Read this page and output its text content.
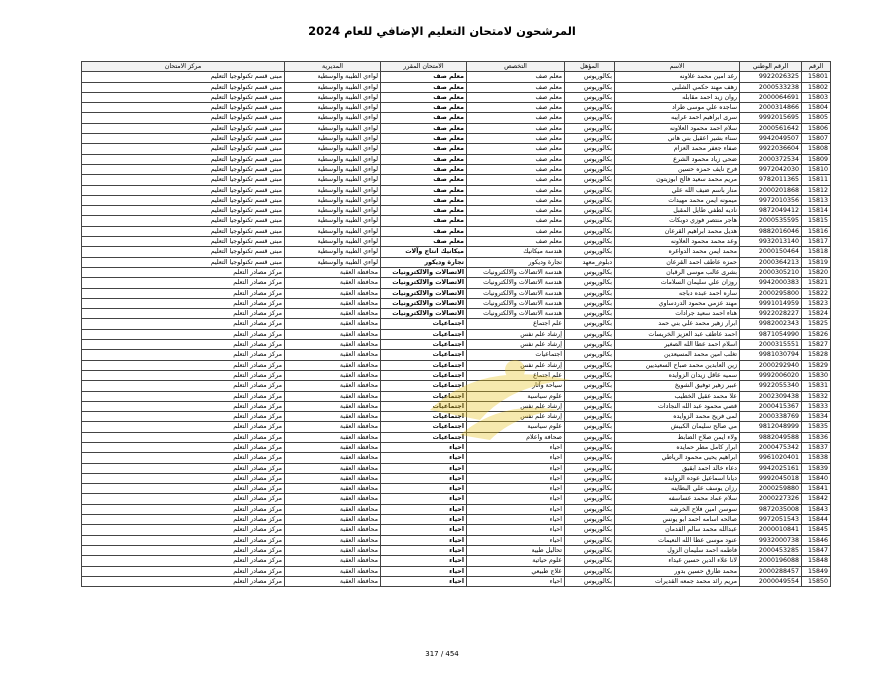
المرشحون لامتحان التعليم الإضافي للعام 2024
الرقم	الرقم الوطني	الاسم	المؤهل	التخصص	الامتحان المقرر	المديرية	مركز الامتحان
15801	9922026325	رغد امين محمد علاونه	بكالوريوس	معلم صف	معلم صف	لواءي الطيبة والوسطية	مبنى قسم تكنولوجيا التعليم
15802	2000533238	زهف مهند حكمي الشلبي	بكالوريوس	معلم صف	معلم صف	لواءي الطيبة والوسطية	مبنى قسم تكنولوجيا التعليم
15803	2000064691	روان زيد احمد مقابله	بكالوريوس	معلم صف	معلم صف	لواءي الطيبة والوسطية	مبنى قسم تكنولوجيا التعليم
15804	2000314866	ساجده علي موسى طراد	بكالوريوس	معلم صف	معلم صف	لواءي الطيبة والوسطية	مبنى قسم تكنولوجيا التعليم
15805	9992015695	سرى ابراهيم احمد غرايبه	بكالوريوس	معلم صف	معلم صف	لواءي الطيبة والوسطية	مبنى قسم تكنولوجيا التعليم
15806	2000561642	سلام احمد محمود العلاونه	بكالوريوس	معلم صف	معلم صف	لواءي الطيبة والوسطية	مبنى قسم تكنولوجيا التعليم
15807	9942049507	سناء بشير اعقيل بني هاني	بكالوريوس	معلم صف	معلم صف	لواءي الطيبة والوسطية	مبنى قسم تكنولوجيا التعليم
15808	9922036604	صفاء جعفر محمد العزام	بكالوريوس	معلم صف	معلم صف	لواءي الطيبة والوسطية	مبنى قسم تكنولوجيا التعليم
15809	2000372534	ضحى زياد محمود الشرع	بكالوريوس	معلم صف	معلم صف	لواءي الطيبة والوسطية	مبنى قسم تكنولوجيا التعليم
15810	9972042030	فرح نايف حمزه حسين	بكالوريوس	معلم صف	معلم صف	لواءي الطيبة والوسطية	مبنى قسم تكنولوجيا التعليم
15811	9782011365	مريم محمد سعيد فالح ابوزيتون	بكالوريوس	معلم صف	معلم صف	لواءي الطيبة والوسطية	مبنى قسم تكنولوجيا التعليم
15812	2000201868	منار باسم ضيف الله علي	بكالوريوس	معلم صف	معلم صف	لواءي الطيبة والوسطية	مبنى قسم تكنولوجيا التعليم
15813	9972010356	ميمونه ايمن محمد مهيدات	بكالوريوس	معلم صف	معلم صف	لواءي الطيبة والوسطية	مبنى قسم تكنولوجيا التعليم
15814	9872049412	ناديه لطفي طايل المقبل	بكالوريوس	معلم صف	معلم صف	لواءي الطيبة والوسطية	مبنى قسم تكنولوجيا التعليم
15815	2000535595	هاجر منتصر فوزي دوبكات	بكالوريوس	معلم صف	معلم صف	لواءي الطيبة والوسطية	مبنى قسم تكنولوجيا التعليم
15816	9882016046	هديل محمد ابراهيم القرعان	بكالوريوس	معلم صف	معلم صف	لواءي الطيبة والوسطية	مبنى قسم تكنولوجيا التعليم
15817	9932013140	وعد محمد محمود العلاونه	بكالوريوس	معلم صف	معلم صف	لواءي الطيبة والوسطية	مبنى قسم تكنولوجيا التعليم
15818	2000150464	محمد ايمن محمد الدواغره	بكالوريوس	هندسة ميكانيك	ميكانيك انتاج وآلات	لواءي الطيبة والوسطية	مبنى قسم تكنولوجيا التعليم
15819	2000364213	حمزه عاطف احمد القرعان	دبلوم_معهد	تجارة وديكور	تجارة وديكور	لواءي الطيبة والوسطية	مبنى قسم تكنولوجيا التعليم
15820	2000305210	بشرى غالب موسى الرقبان	بكالوريوس	هندسة الاتصالات والالكترونيات	الاتصالات والالكترونيات	محافظة العقبة	مركز مصادر التعلم
15821	9942000383	روزان علي سليمان السلامات	بكالوريوس	هندسة الاتصالات والالكترونيات	الاتصالات والالكترونيات	محافظة العقبة	مركز مصادر التعلم
15822	2000295800	ساره احمد عبده دباجه	بكالوريوس	هندسة الاتصالات والالكترونيات	الاتصالات والالكترونيات	محافظة العقبة	مركز مصادر التعلم
15823	9991014959	مهند عزمي محمود الدردساوي	بكالوريوس	هندسة الاتصالات والالكترونيات	الاتصالات والالكترونيات	محافظة العقبة	مركز مصادر التعلم
15824	9922028227	هناء احمد سعيد جرادات	بكالوريوس	هندسة الاتصالات والالكترونيات	الاتصالات والالكترونيات	محافظة العقبة	مركز مصادر التعلم
15825	9982002343	ابرار زهير محمد علي بني حمد	بكالوريوس	علم اجتماع	اجتماعيات	محافظة العقبة	مركز مصادر التعلم
15826	9871054990	احمد عاطف عبد العزيز الخريسات	بكالوريوس	إرشاد علم نفس	اجتماعيات	محافظة العقبة	مركز مصادر التعلم
15827	2000315551	اسلام احمد عطا الله الصغير	بكالوريوس	إرشاد علم نفس	اجتماعيات	محافظة العقبة	مركز مصادر التعلم
15828	9981030794	تغلب امين محمد المسيعدين	بكالوريوس	اجتماعيات	اجتماعيات	محافظة العقبة	مركز مصادر التعلم
15829	2000292940	زين العابدين محمد صباح السعيديين	بكالوريوس	إرشاد علم نفس	اجتماعيات	محافظة العقبة	مركز مصادر التعلم
15830	9992006020	سميه عاقل زيدان الزوايده	بكالوريوس	علم اجتماع	اجتماعيات	محافظة العقبة	مركز مصادر التعلم
15831	9922055340	عبير زهير توفيق الشويخ	بكالوريوس	سياحة وآثار	اجتماعيات	محافظة العقبة	مركز مصادر التعلم
15832	2002309438	علا محمد عقيل الخطيب	بكالوريوس	علوم سياسية	اجتماعيات	محافظة العقبة	مركز مصادر التعلم
15833	2000415367	قصي محمود عبد الله النجادات	بكالوريوس	إرشاد علم نفس	اجتماعيات	محافظة العقبة	مركز مصادر التعلم
15834	2000338769	لمى فريح محمد الزوايده	بكالوريوس	إرشاد علم نفس	اجتماعيات	محافظة العقبة	مركز مصادر التعلم
15835	9812048999	مي صالح سليمان الكبيش	بكالوريوس	علوم سياسية	اجتماعيات	محافظة العقبة	مركز مصادر التعلم
15836	9882049588	ولاء ايمن صلاح الضابط	بكالوريوس	صحافة واعلام	اجتماعيات	محافظة العقبة	مركز مصادر التعلم
15837	2000475342	ابرار كامل مطر حمايده	بكالوريوس	احياء	احياء	محافظة العقبة	مركز مصادر التعلم
15838	9961020401	ابراهيم يحيى محمود الرياطي	بكالوريوس	احياء	احياء	محافظة العقبة	مركز مصادر التعلم
15839	9942025161	دعاء خالد احمد ابقيق	بكالوريوس	احياء	احياء	محافظة العقبة	مركز مصادر التعلم
15840	9992045018	ديانا اسماعيل عوده الزوايده	بكالوريوس	احياء	احياء	محافظة العقبة	مركز مصادر التعلم
15841	2000259880	رزان يوسف علي البطاينه	بكالوريوس	احياء	احياء	محافظة العقبة	مركز مصادر التعلم
15842	2000227326	سلام عماد محمد عساسفه	بكالوريوس	احياء	احياء	محافظة العقبة	مركز مصادر التعلم
15843	9872035008	سوسن امين فلاح الخرشه	بكالوريوس	احياء	احياء	محافظة العقبة	مركز مصادر التعلم
15844	9972051543	صالحه اسامه احمد ابو يونس	بكالوريوس	احياء	احياء	محافظة العقبة	مركز مصادر التعلم
15845	2000010841	عبدالله محمد سالم القدمان	بكالوريوس	احياء	احياء	محافظة العقبة	مركز مصادر التعلم
15846	9932000738	عنود موسى عطا الله النعيمات	بكالوريوس	احياء	احياء	محافظة العقبة	مركز مصادر التعلم
15847	2000453285	فاطمه احمد سليمان الزول	بكالوريوس	تحاليل طبية	احياء	محافظة العقبة	مركز مصادر التعلم
15848	2000196088	لانا علاء الدين حسين غيداء	بكالوريوس	علوم حياتية	احياء	محافظة العقبة	مركز مصادر التعلم
15849	2000288457	محمد طارق حسين بدور	بكالوريوس	علاج طبيعي	احياء	محافظة العقبة	مركز مصادر التعلم
15850	2000049554	مريم رائد محمد جمعه القديرات	بكالوريوس	احياء	احياء	محافظة العقبة	مركز مصادر التعلم
317 / 454
